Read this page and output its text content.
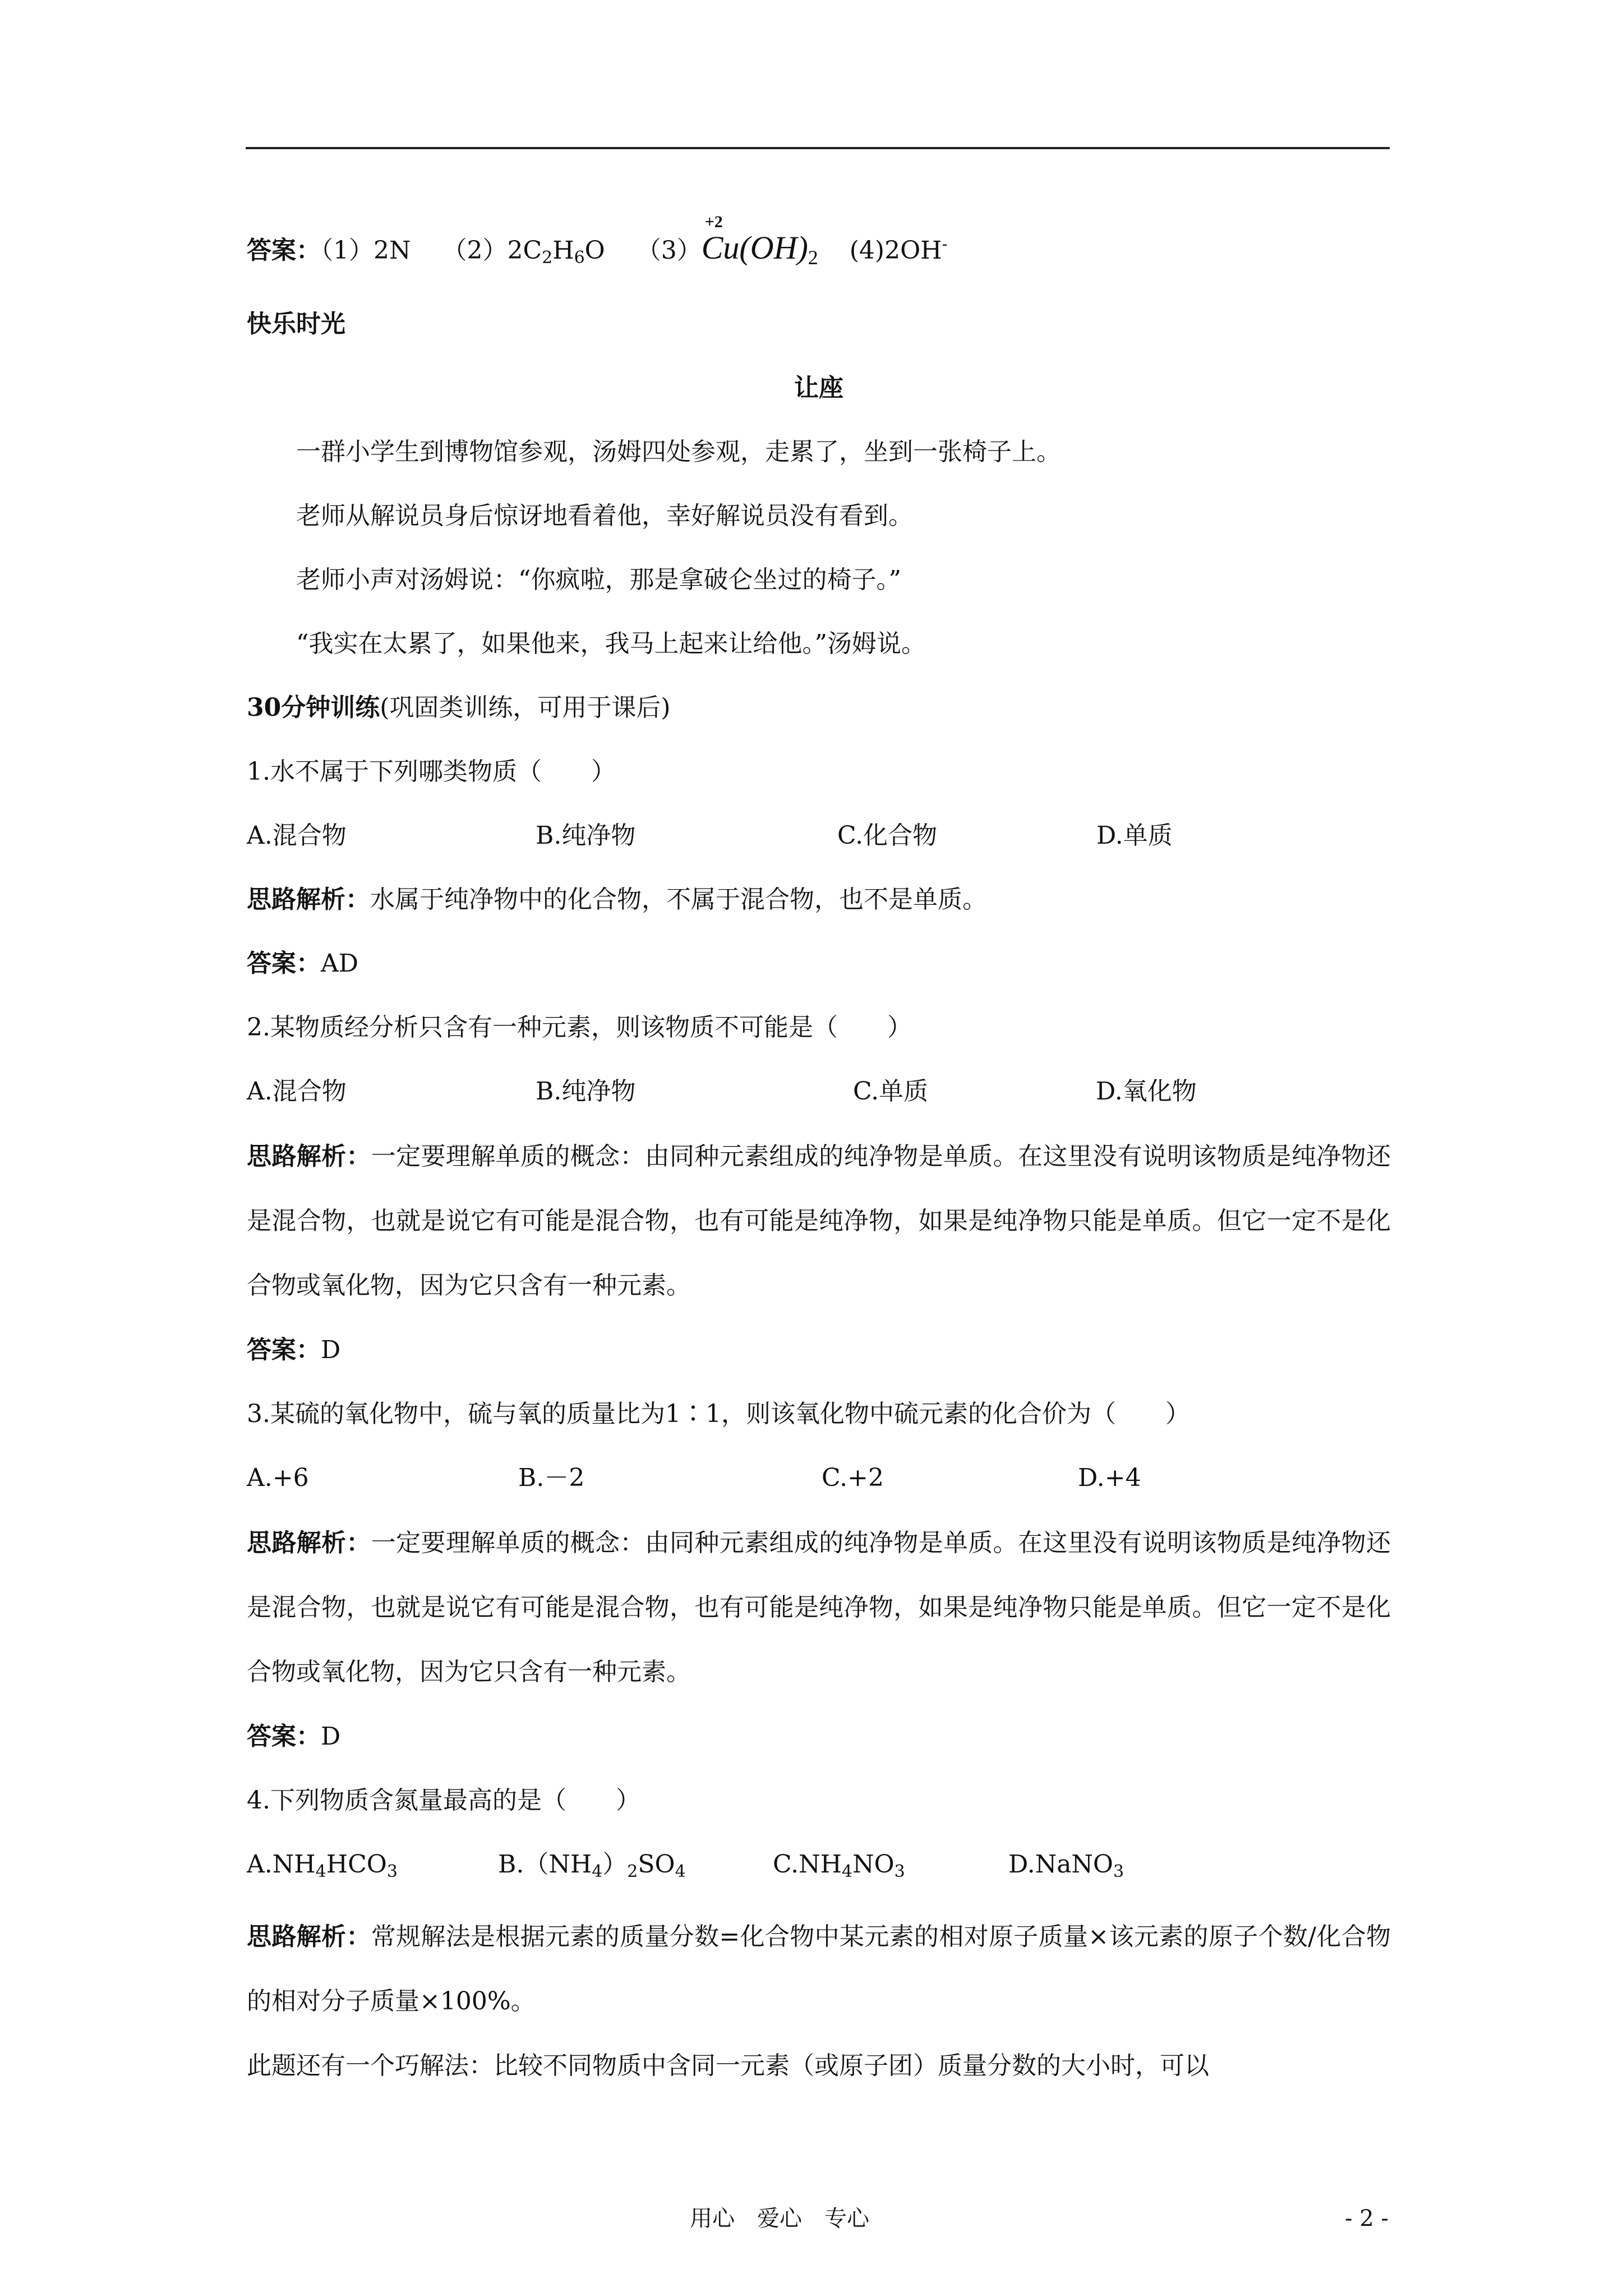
答案：（1）2N $(2)2C_2H_6O$ （3）
+2
Cu(OH)2 (4)2OH-

快乐时光

让座

一群小学生到博物馆参观，汤姆四处参观，走累了，坐到一张椅子上。

老师从解说员身后惊讶地看着他，幸好解说员没有看到。

老师小声对汤姆说：“你疯啦，那是拿破仑坐过的椅子。”

“我实在太累了，如果他来，我马上起来让给他。”汤姆说。

30分钟训练(巩固类训练，可用于课后)

1.水不属于下列哪类物质（　　）

A.混合物	B.纯净物	C.化合物	D.单质

思路解析：水属于纯净物中的化合物，不属于混合物，也不是单质。

答案：AD

2.某物质经分析只含有一种元素，则该物质不可能是（　　）

A.混合物	B.纯净物	C.单质	D.氧化物

思路解析：一定要理解单质的概念：由同种元素组成的纯净物是单质。在这里没有说明该物质是纯净物还是混合物，也就是说它有可能是混合物，也有可能是纯净物，如果是纯净物只能是单质。但它一定不是化合物或氧化物，因为它只含有一种元素。

答案：D

3.某硫的氧化物中，硫与氧的质量比为1∶1，则该氧化物中硫元素的化合价为（　　）

A.+6	B.－2	C.+2	D.+4

思路解析：一定要理解单质的概念：由同种元素组成的纯净物是单质。在这里没有说明该物质是纯净物还是混合物，也就是说它有可能是混合物，也有可能是纯净物，如果是纯净物只能是单质。但它一定不是化合物或氧化物，因为它只含有一种元素。

答案：D

4.下列物质含氮量最高的是（　　）

A.NH4HCO3	B.（NH4）2SO4	C.NH4NO3	D.NaNO3

思路解析：常规解法是根据元素的质量分数=化合物中某元素的相对原子质量×该元素的原子个数/化合物的相对分子质量×100%。

此题还有一个巧解法：比较不同物质中含同一元素（或原子团）质量分数的大小时，可以

用心　爱心　专心	- 2 -
